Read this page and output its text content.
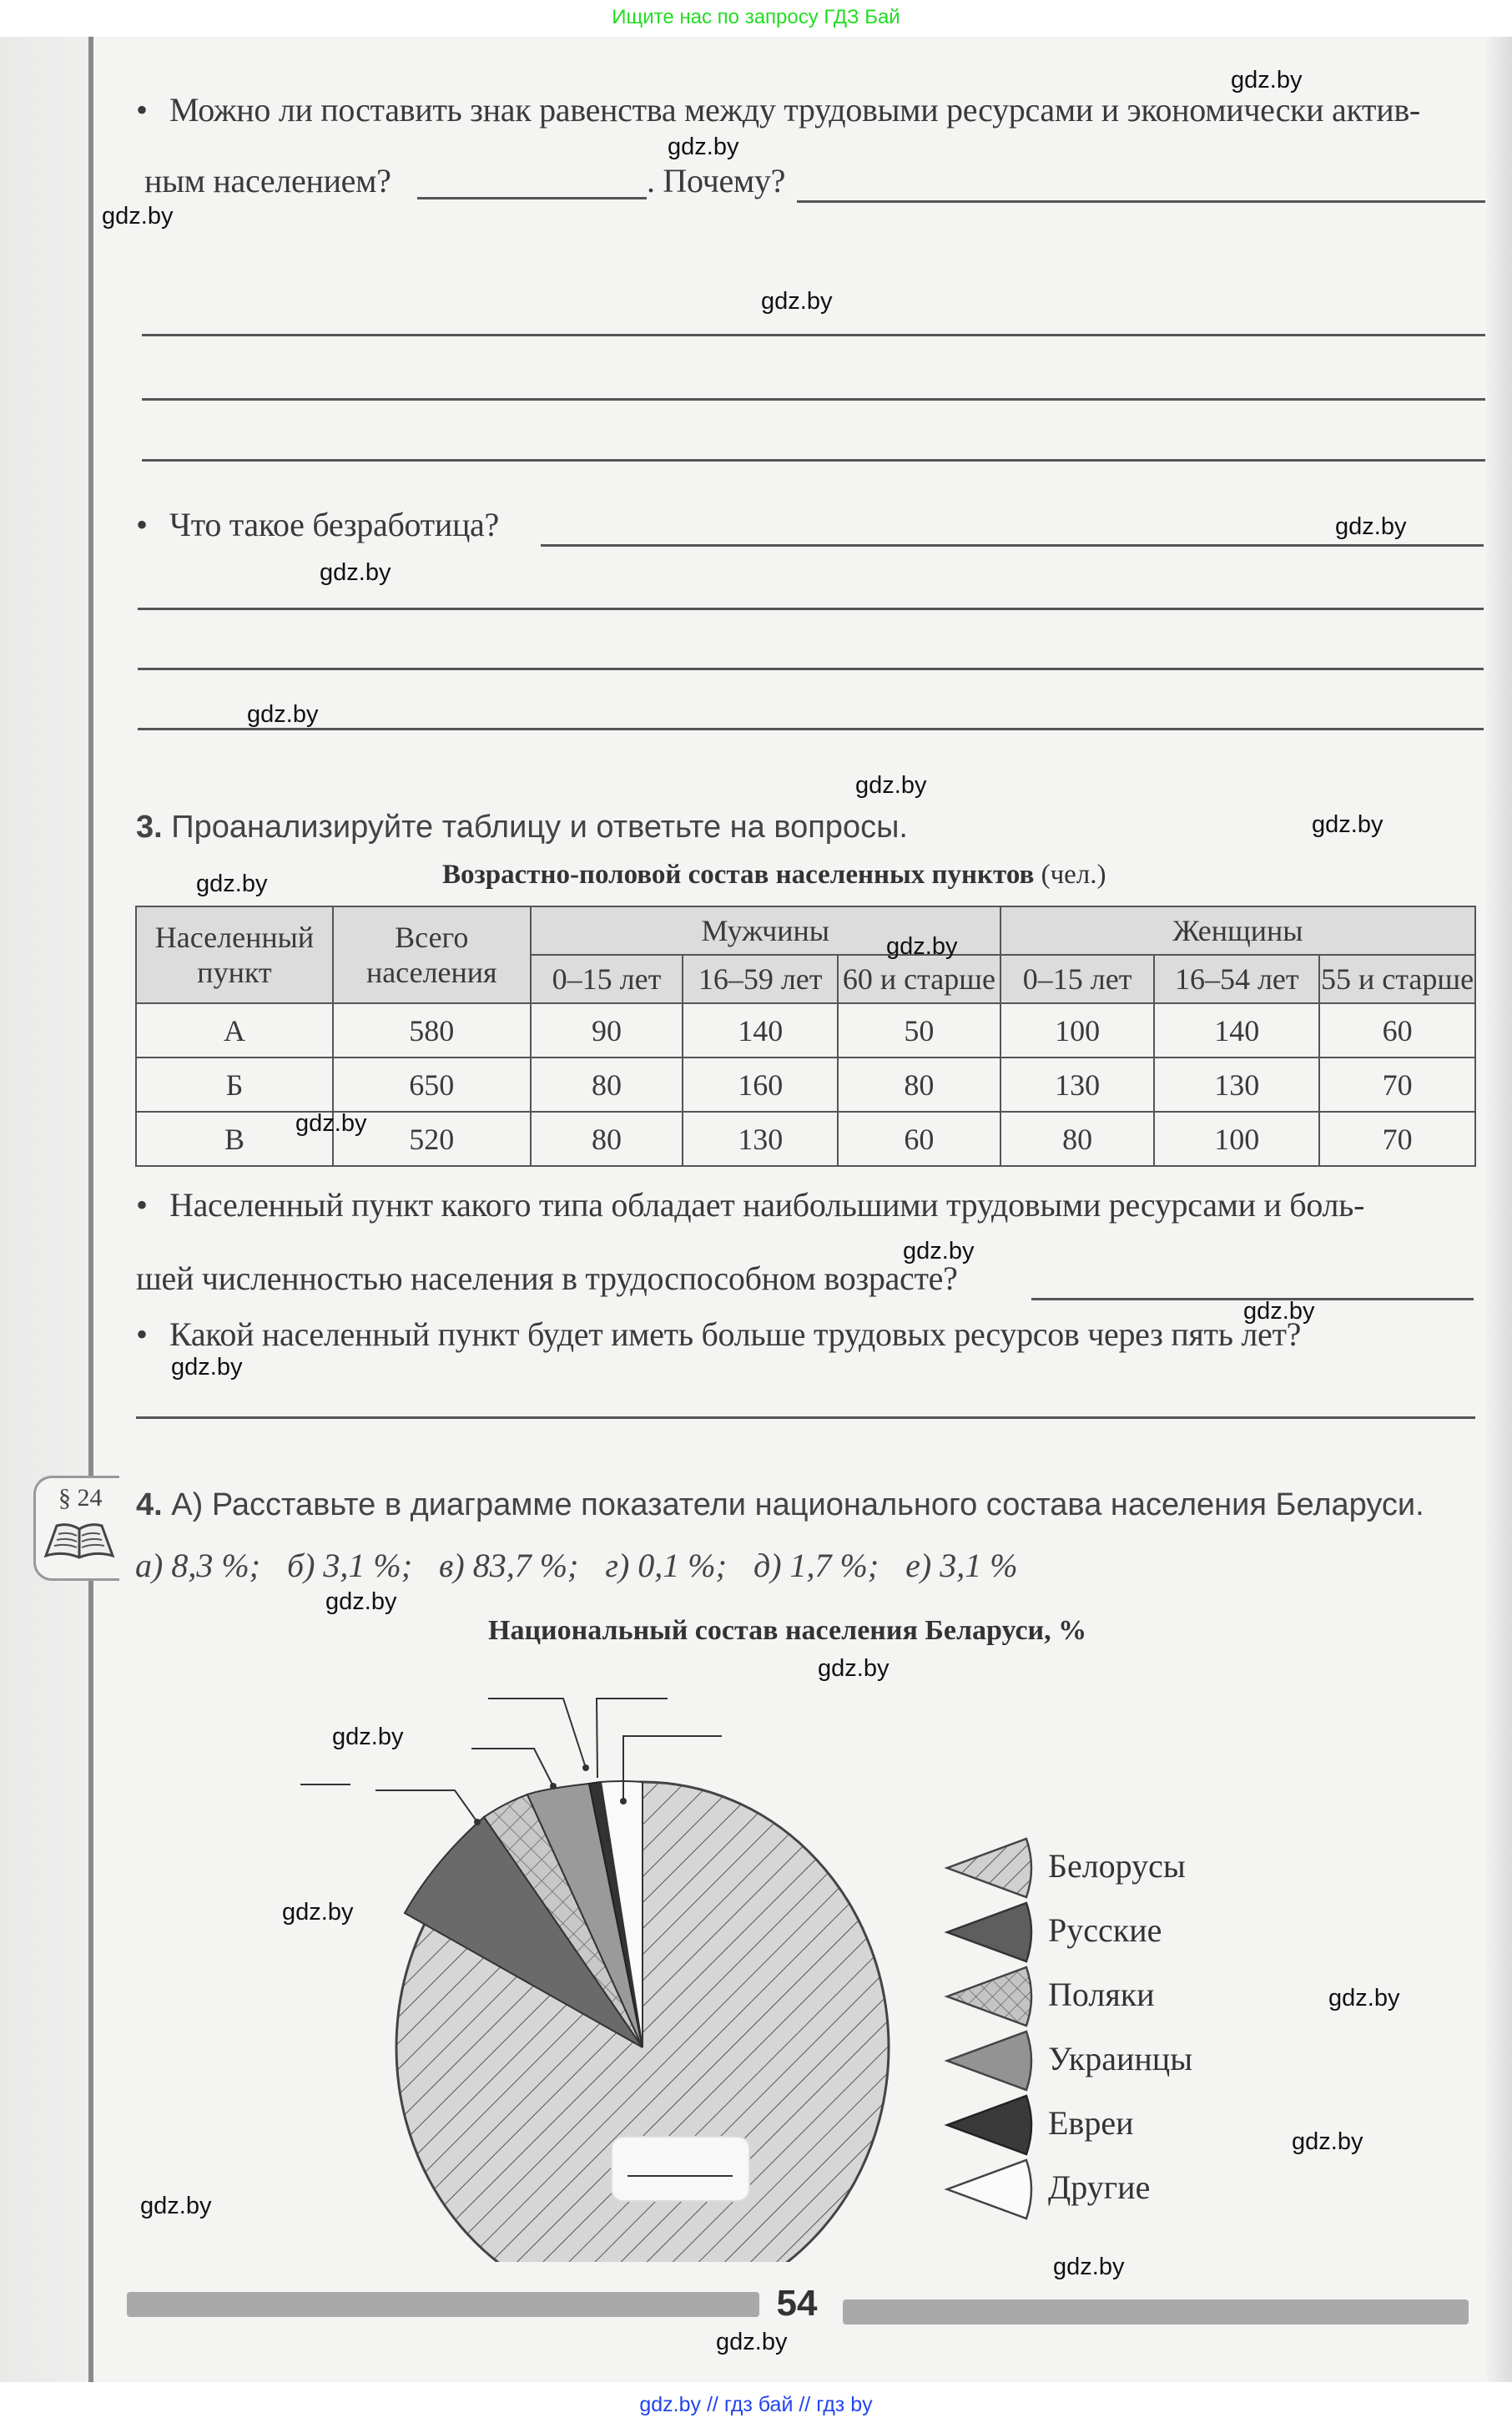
Ищите нас по запросу ГДЗ Бай
• Можно ли поставить знак равенства между трудовыми ресурсами и экономически актив-
ным населением?	. Почему?
• Что такое безработица?
3. Проанализируйте таблицу и ответьте на вопросы.
Возрастно-половой состав населенных пунктов (чел.)
Населенный пункт	Всего населения	Мужчины			Женщины		
		0–15 лет	16–59 лет	60 и старше	0–15 лет	16–54 лет	55 и старше
А	580	90	140	50	100	140	60
Б	650	80	160	80	130	130	70
В	520	80	130	60	80	100	70
• Населенный пункт какого типа обладает наибольшими трудовыми ресурсами и боль-
шей численностью населения в трудоспособном возрасте?
• Какой населенный пункт будет иметь больше трудовых ресурсов через пять лет?
§ 24 4. А) Расставьте в диаграмме показатели национального состава населения Беларуси.
а) 8,3 %; б) 3,1 %; в) 83,7 %; г) 0,1 %; д) 1,7 %; е) 3,1 %
Национальный состав населения Беларуси, %
Белорусы
Русские
Поляки
Украинцы
Евреи
Другие
54
gdz.by
gdz.by
gdz.by
gdz.by
gdz.by
gdz.by
gdz.by
gdz.by
gdz.by
gdz.by
gdz.by
gdz.by
gdz.by
gdz.by
gdz.by
gdz.by
gdz.by
gdz.by
gdz.by
gdz.by
gdz.by
gdz.by
gdz.by
gdz.by
gdz.by // гдз бай // гдз by
